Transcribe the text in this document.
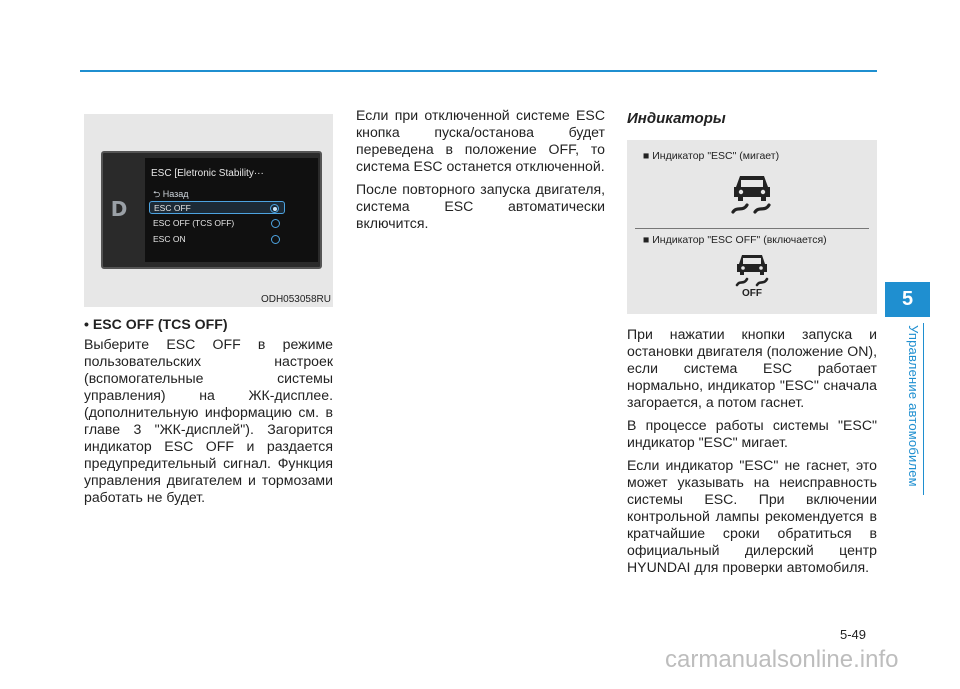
5
Управление автомобилем
D
ESC [Eletronic Stability···
⮌ Назад
ESC OFF
ESC OFF (TCS OFF)
ESC ON
ODH053058RU

• ESC OFF (TCS OFF)

Выберите ESC OFF в режиме пользовательских настроек (вспомогательные системы управления) на ЖК-дисплее. (дополнительную информацию см. в главе 3 "ЖК-дисплей"). Загорится индикатор ESC OFF и раздается предупредительный сигнал. Функция управления двигателем и тормозами работать не будет.

Если при отключенной системе ESC кнопка пуска/останова будет переведена в положение OFF, то система ESC останется отключенной.

После повторного запуска двигателя, система ESC автоматически включится.

Индикаторы
■ Индикатор "ESC" (мигает)
■ Индикатор "ESC OFF" (включается)
OFF

При нажатии кнопки запуска и остановки двигателя (положение ON), если система ESC работает нормально, индикатор "ESC" сначала загорается, а потом гаснет.

В процессе работы системы "ESC" индикатор "ESC" мигает.

Если индикатор "ESC" не гаснет, это может указывать на неисправность системы ESC. При включении контрольной лампы рекомендуется в кратчайшие сроки обратиться в официальный дилерский центр HYUNDAI для проверки автомобиля.

5-49
carmanualsonline.info
